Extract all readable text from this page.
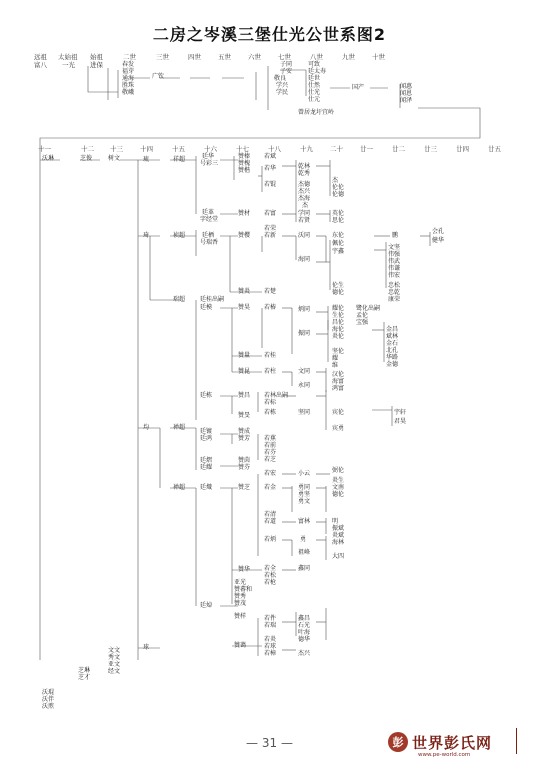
二房之岑溪三堡仕光公世系图2
远祖
富八
太始祖
一光
始祖
进保
二世	三世	四世	五世	六世	七世	八世	九世	十世
春发
福芽
通海
胜珠
敬峨
广钦
子同
子安
敬良
学兴
学民
可致
廷太寿
廷世
仕然
仕光
仕元
国产	闻惠
闻恩
闻泽
曾居龙圩宜岭
十一	十二 十三	十四	十五	十六	十七	十八	十九	二十	廿一	廿二	廿三	廿四	廿五
沃琳	芝俊	树文
沃琨
沃伴
沃煎
芝琳
芝才
文文
秀文
亚文
经文
琉
琦
均
球
祥超
祯超
瑞超
禅超
禅超
廷华
号彩三
廷革
字经堂
廷栖
号瑞香
廷桂出嗣
廷模
廷栋
廷镀
廷鸿
廷熠
廷耀
廷熾
廷焯
赞榛
赞槐
赞楷
赞材
赞樱
赞炎
赞昊
赞量
赞昆
赞昌
赞旻
赞成
赞芳
赞茵
赞芬
赞芝
赞华
亚光
赞蕃和
赞秀
赞茂
赞样
赞蔼
若斌
若华
若锟
若富
若荣
若新
若楚
若椿
若桂
若柱
若林出嗣
若标
若栋
若蕉
若前
若芬
若芝
若宏
若金
若清
若道
若炳
若全
若松
若枪
若件
若瑞
若炎
若球
若樟
乾林
乾秀
杰德
杰兴
杰海
杰
学同
若贤
沃同
海同
炳同
振同
文同
永同
坚同
小云
勇同
勇坚
勇文
富林
勇
祖峰
鑫同
鑫昌
石光
叶海
德华
杰兴
杰
伦伦
伦德
英伦
思伦
东伦
佩伦
宇鑫
伦生
德伦
耀伦
生伦
昌伦
海伦
炎伦
坚伦
耀
维
汉伦
海富
鸿富
宾伦
宾勇
弼伦
炎生
文南
德伦
明
振斌
炎斌
海林
大四
鹏
文坚
伟强
伟武
伟谦
伟宏
忠松
忠乾
康荣
鹭化出嗣
孟伦
宝强
金昌
斌林
金石
北孔
华路
金德
宇轩
君昊
会孔
健华
— 31 —	彭 世界彭氏网
www.pe-world.com
